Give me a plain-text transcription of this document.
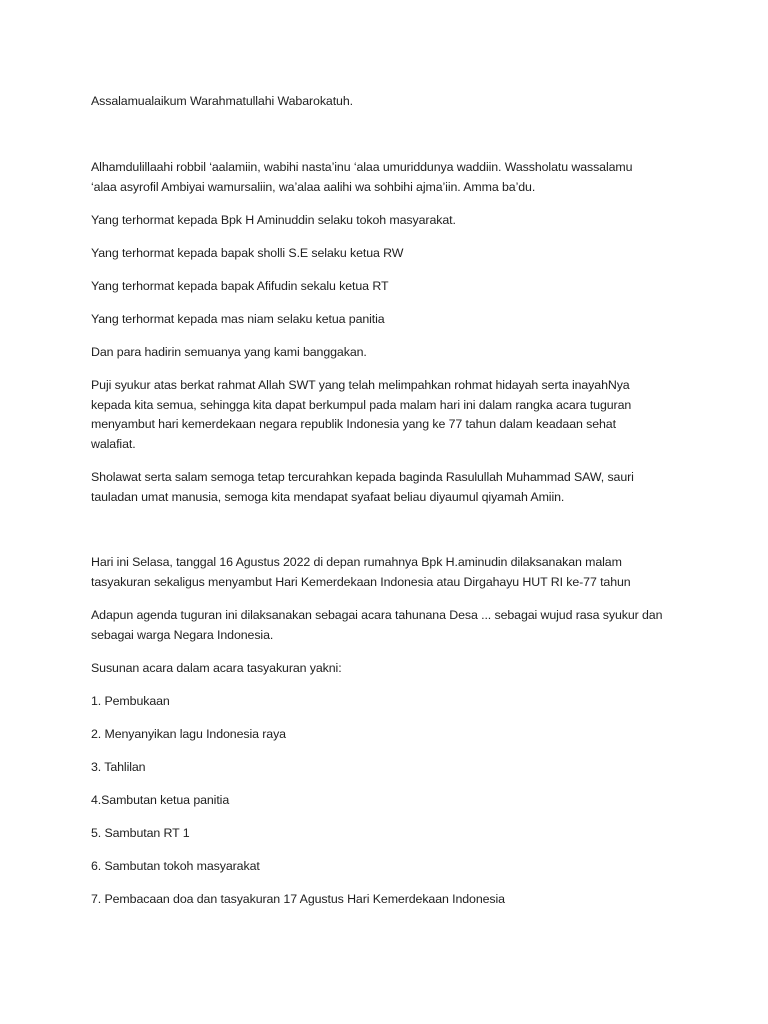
Assalamualaikum Warahmatullahi Wabarokatuh.

Alhamdulillaahi robbil ‘aalamiin, wabihi nasta’inu ‘alaa umuriddunya waddiin. Wassholatu wassalamu
‘alaa asyrofil Ambiyai wamursaliin, wa’alaa aalihi wa sohbihi ajma’iin. Amma ba’du.

Yang terhormat kepada Bpk H Aminuddin selaku tokoh masyarakat.

Yang terhormat kepada bapak sholli S.E selaku ketua RW

Yang terhormat kepada bapak Afifudin sekalu ketua RT

Yang terhormat kepada mas niam selaku ketua panitia

Dan para hadirin semuanya yang kami banggakan.

Puji syukur atas berkat rahmat Allah SWT yang telah melimpahkan rohmat hidayah serta inayahNya
kepada kita semua, sehingga kita dapat berkumpul pada malam hari ini dalam rangka acara tuguran
menyambut hari kemerdekaan negara republik Indonesia yang ke 77 tahun dalam keadaan sehat
walafiat.

Sholawat serta salam semoga tetap tercurahkan kepada baginda Rasulullah Muhammad SAW, sauri
tauladan umat manusia, semoga kita mendapat syafaat beliau diyaumul qiyamah Amiin.

Hari ini Selasa, tanggal 16 Agustus 2022 di depan rumahnya Bpk H.aminudin dilaksanakan malam
tasyakuran sekaligus menyambut Hari Kemerdekaan Indonesia atau Dirgahayu HUT RI ke-77 tahun

Adapun agenda tuguran ini dilaksanakan sebagai acara tahunana Desa ... sebagai wujud rasa syukur dan
sebagai warga Negara Indonesia.

Susunan acara dalam acara tasyakuran yakni:

1. Pembukaan

2. Menyanyikan lagu Indonesia raya

3. Tahlilan

4.Sambutan ketua panitia

5. Sambutan RT 1

6. Sambutan tokoh masyarakat

7. Pembacaan doa dan tasyakuran 17 Agustus Hari Kemerdekaan Indonesia
